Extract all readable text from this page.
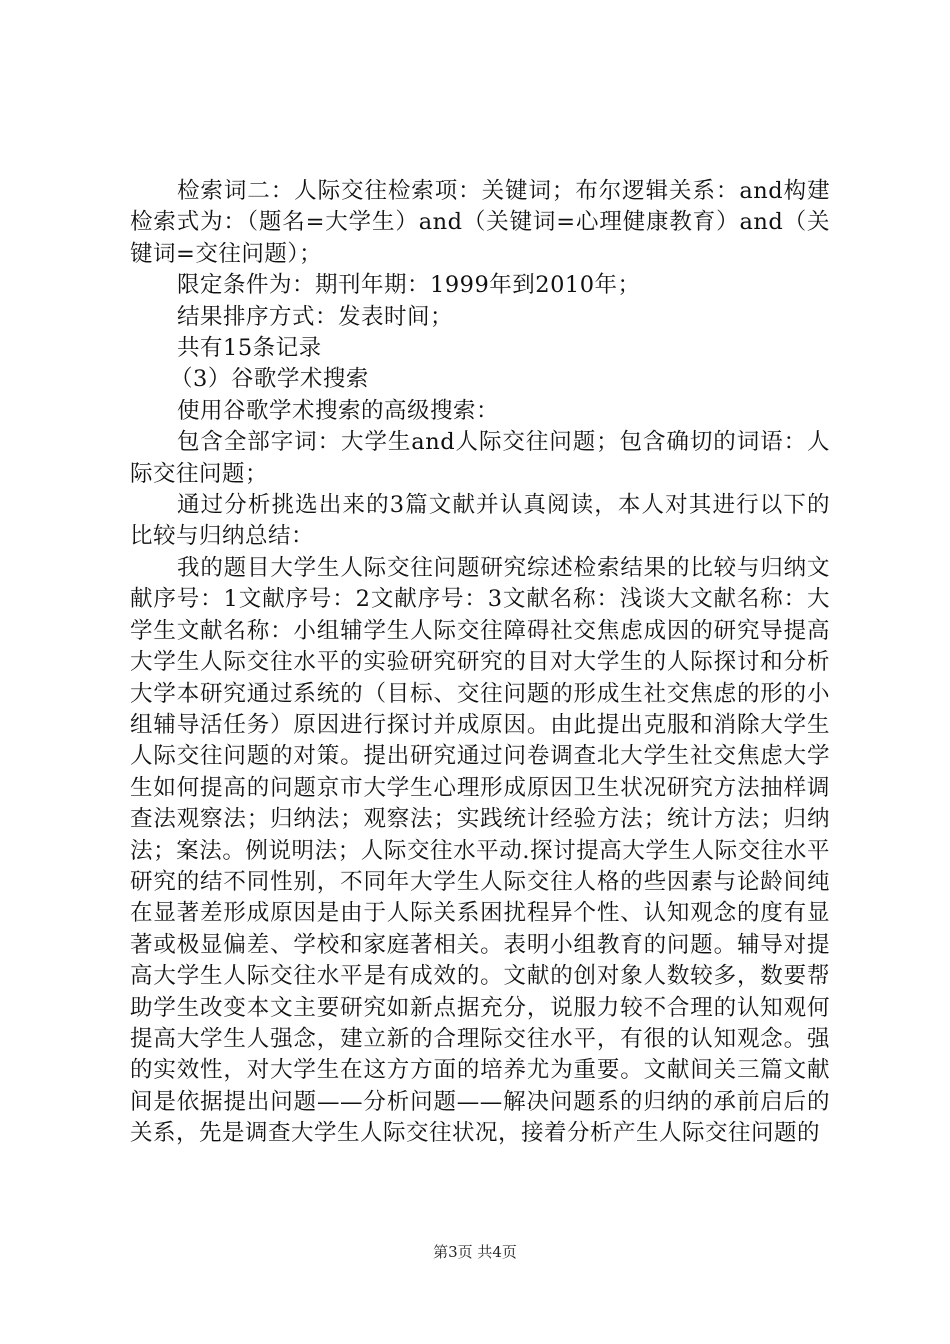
检索词二：人际交往检索项：关键词；布尔逻辑关系：and构建检索式为：（题名=大学生）and（关键词=心理健康教育）and（关键词=交往问题）；

限定条件为：期刊年期：1999年到2010年；

结果排序方式：发表时间；

共有15条记录

（3）谷歌学术搜索

使用谷歌学术搜索的高级搜索：

包含全部字词：大学生and人际交往问题；包含确切的词语：人际交往问题；

通过分析挑选出来的3篇文献并认真阅读，本人对其进行以下的比较与归纳总结：

我的题目大学生人际交往问题研究综述检索结果的比较与归纳文献序号：1文献序号：2文献序号：3文献名称：浅谈大文献名称：大学生文献名称：小组辅学生人际交往障碍社交焦虑成因的研究导提高大学生人际交往水平的实验研究研究的目对大学生的人际探讨和分析大学本研究通过系统的（目标、交往问题的形成生社交焦虑的形的小组辅导活任务）原因进行探讨并成原因。由此提出克服和消除大学生人际交往问题的对策。提出研究通过问卷调查北大学生社交焦虑大学生如何提高的问题京市大学生心理形成原因卫生状况研究方法抽样调查法观察法；归纳法；观察法；实践统计经验方法；统计方法；归纳法；案法。例说明法；人际交往水平动.探讨提高大学生人际交往水平研究的结不同性别，不同年大学生人际交往人格的些因素与论龄间纯在显著差形成原因是由于人际关系困扰程异个性、认知观念的度有显著或极显偏差、学校和家庭著相关。表明小组教育的问题。辅导对提高大学生人际交往水平是有成效的。文献的创对象人数较多，数要帮助学生改变本文主要研究如新点据充分，说服力较不合理的认知观何提高大学生人强念，建立新的合理际交往水平，有很的认知观念。强的实效性，对大学生在这方方面的培养尤为重要。文献间关三篇文献间是依据提出问题——分析问题——解决问题系的归纳的承前启后的关系，先是调查大学生人际交往状况，接着分析产生人际交往问题的

第3页 共4页
